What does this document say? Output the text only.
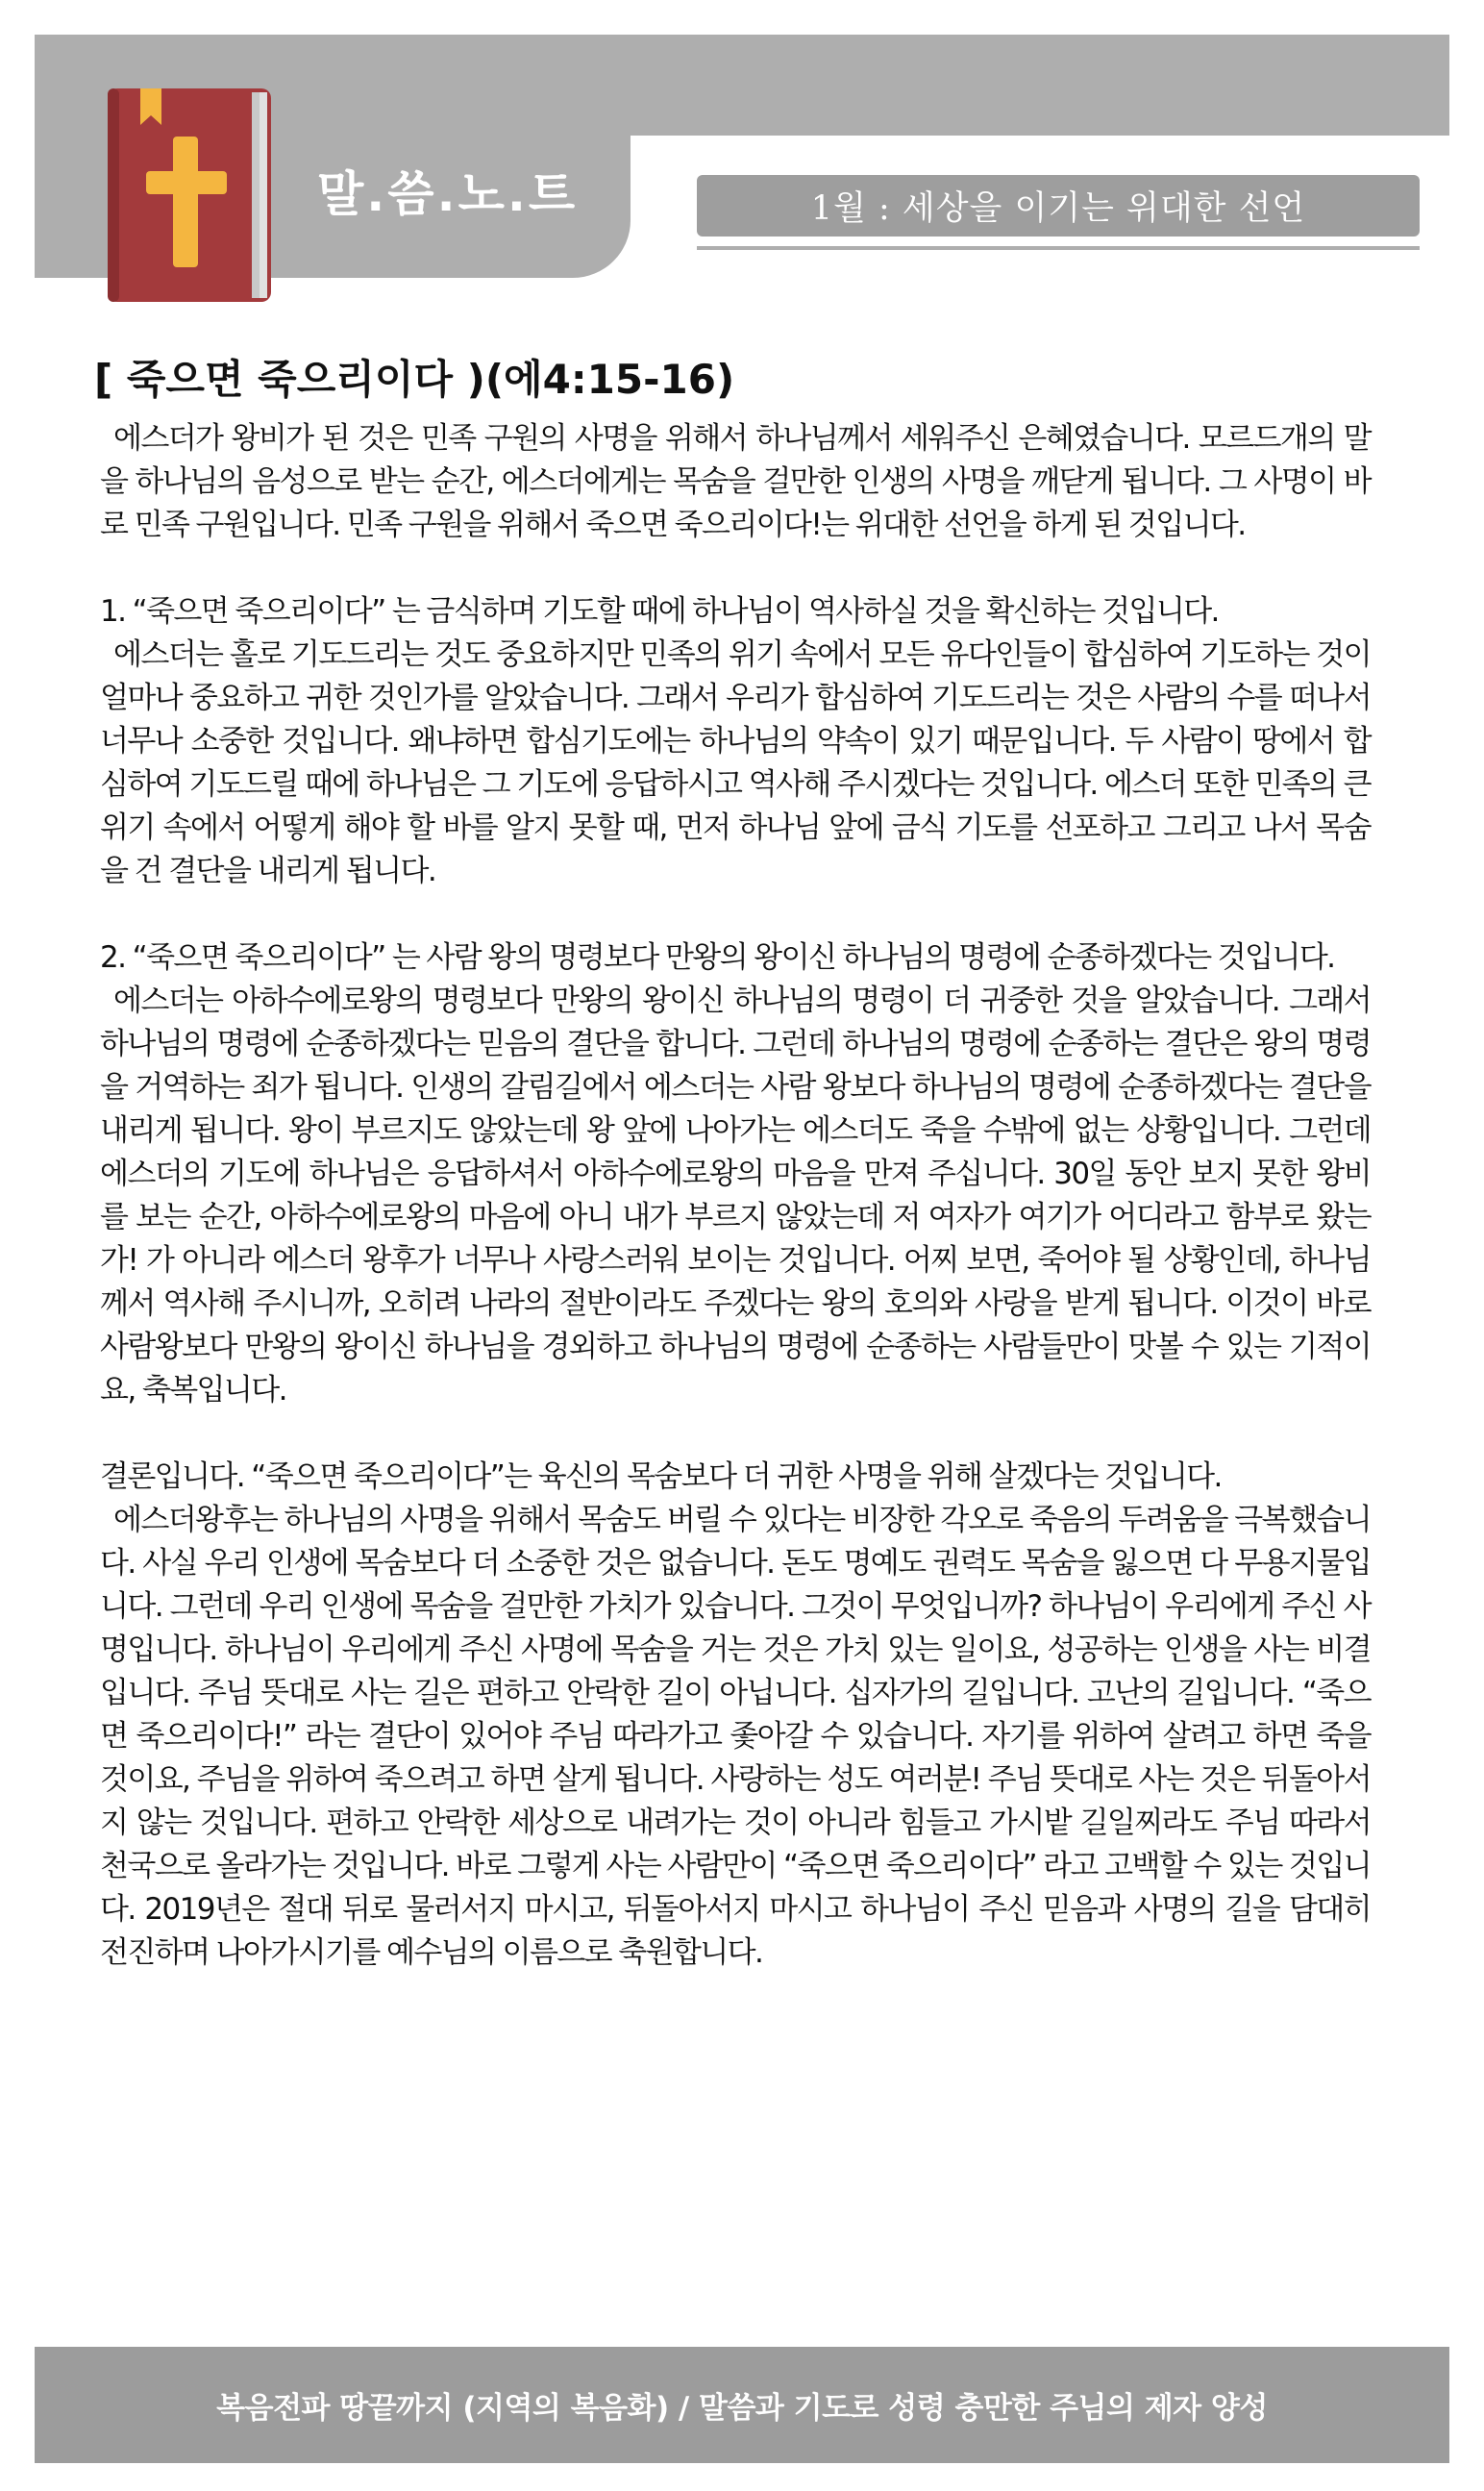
말.씀.노.트	1월 : 세상을 이기는 위대한 선언
[ 죽으면 죽으리이다 )(에4:15-16)

에스더가 왕비가 된 것은 민족 구원의 사명을 위해서 하나님께서 세워주신 은혜였습니다. 모르드개의 말을 하나님의 음성으로 받는 순간, 에스더에게는 목숨을 걸만한 인생의 사명을 깨닫게 됩니다. 그 사명이 바로 민족 구원입니다. 민족 구원을 위해서 죽으면 죽으리이다!는 위대한 선언을 하게 된 것입니다.

1. “죽으면 죽으리이다” 는 금식하며 기도할 때에 하나님이 역사하실 것을 확신하는 것입니다.

에스더는 홀로 기도드리는 것도 중요하지만 민족의 위기 속에서 모든 유다인들이 합심하여 기도하는 것이 얼마나 중요하고 귀한 것인가를 알았습니다. 그래서 우리가 합심하여 기도드리는 것은 사람의 수를 떠나서 너무나 소중한 것입니다. 왜냐하면 합심기도에는 하나님의 약속이 있기 때문입니다. 두 사람이 땅에서 합심하여 기도드릴 때에 하나님은 그 기도에 응답하시고 역사해 주시겠다는 것입니다. 에스더 또한 민족의 큰 위기 속에서 어떻게 해야 할 바를 알지 못할 때, 먼저 하나님 앞에 금식 기도를 선포하고 그리고 나서 목숨을 건 결단을 내리게 됩니다.

2. “죽으면 죽으리이다” 는 사람 왕의 명령보다 만왕의 왕이신 하나님의 명령에 순종하겠다는 것입니다.

에스더는 아하수에로왕의 명령보다 만왕의 왕이신 하나님의 명령이 더 귀중한 것을 알았습니다. 그래서 하나님의 명령에 순종하겠다는 믿음의 결단을 합니다. 그런데 하나님의 명령에 순종하는 결단은 왕의 명령을 거역하는 죄가 됩니다. 인생의 갈림길에서 에스더는 사람 왕보다 하나님의 명령에 순종하겠다는 결단을 내리게 됩니다. 왕이 부르지도 않았는데 왕 앞에 나아가는 에스더도 죽을 수밖에 없는 상황입니다. 그런데 에스더의 기도에 하나님은 응답하셔서 아하수에로왕의 마음을 만져 주십니다. 30일 동안 보지 못한 왕비를 보는 순간, 아하수에로왕의 마음에 아니 내가 부르지 않았는데 저 여자가 여기가 어디라고 함부로 왔는가! 가 아니라 에스더 왕후가 너무나 사랑스러워 보이는 것입니다. 어찌 보면, 죽어야 될 상황인데, 하나님께서 역사해 주시니까, 오히려 나라의 절반이라도 주겠다는 왕의 호의와 사랑을 받게 됩니다. 이것이 바로 사람왕보다 만왕의 왕이신 하나님을 경외하고 하나님의 명령에 순종하는 사람들만이 맛볼 수 있는 기적이요, 축복입니다.

결론입니다. “죽으면 죽으리이다”는 육신의 목숨보다 더 귀한 사명을 위해 살겠다는 것입니다.

에스더왕후는 하나님의 사명을 위해서 목숨도 버릴 수 있다는 비장한 각오로 죽음의 두려움을 극복했습니다. 사실 우리 인생에 목숨보다 더 소중한 것은 없습니다. 돈도 명예도 권력도 목숨을 잃으면 다 무용지물입니다. 그런데 우리 인생에 목숨을 걸만한 가치가 있습니다. 그것이 무엇입니까? 하나님이 우리에게 주신 사명입니다. 하나님이 우리에게 주신 사명에 목숨을 거는 것은 가치 있는 일이요, 성공하는 인생을 사는 비결입니다. 주님 뜻대로 사는 길은 편하고 안락한 길이 아닙니다. 십자가의 길입니다. 고난의 길입니다. “죽으면 죽으리이다!” 라는 결단이 있어야 주님 따라가고 좇아갈 수 있습니다. 자기를 위하여 살려고 하면 죽을 것이요, 주님을 위하여 죽으려고 하면 살게 됩니다. 사랑하는 성도 여러분! 주님 뜻대로 사는 것은 뒤돌아서지 않는 것입니다. 편하고 안락한 세상으로 내려가는 것이 아니라 힘들고 가시밭 길일찌라도 주님 따라서 천국으로 올라가는 것입니다. 바로 그렇게 사는 사람만이 “죽으면 죽으리이다” 라고 고백할 수 있는 것입니다. 2019년은 절대 뒤로 물러서지 마시고, 뒤돌아서지 마시고 하나님이 주신 믿음과 사명의 길을 담대히 전진하며 나아가시기를 예수님의 이름으로 축원합니다.

복음전파 땅끝까지 (지역의 복음화) / 말씀과 기도로 성령 충만한 주님의 제자 양성
